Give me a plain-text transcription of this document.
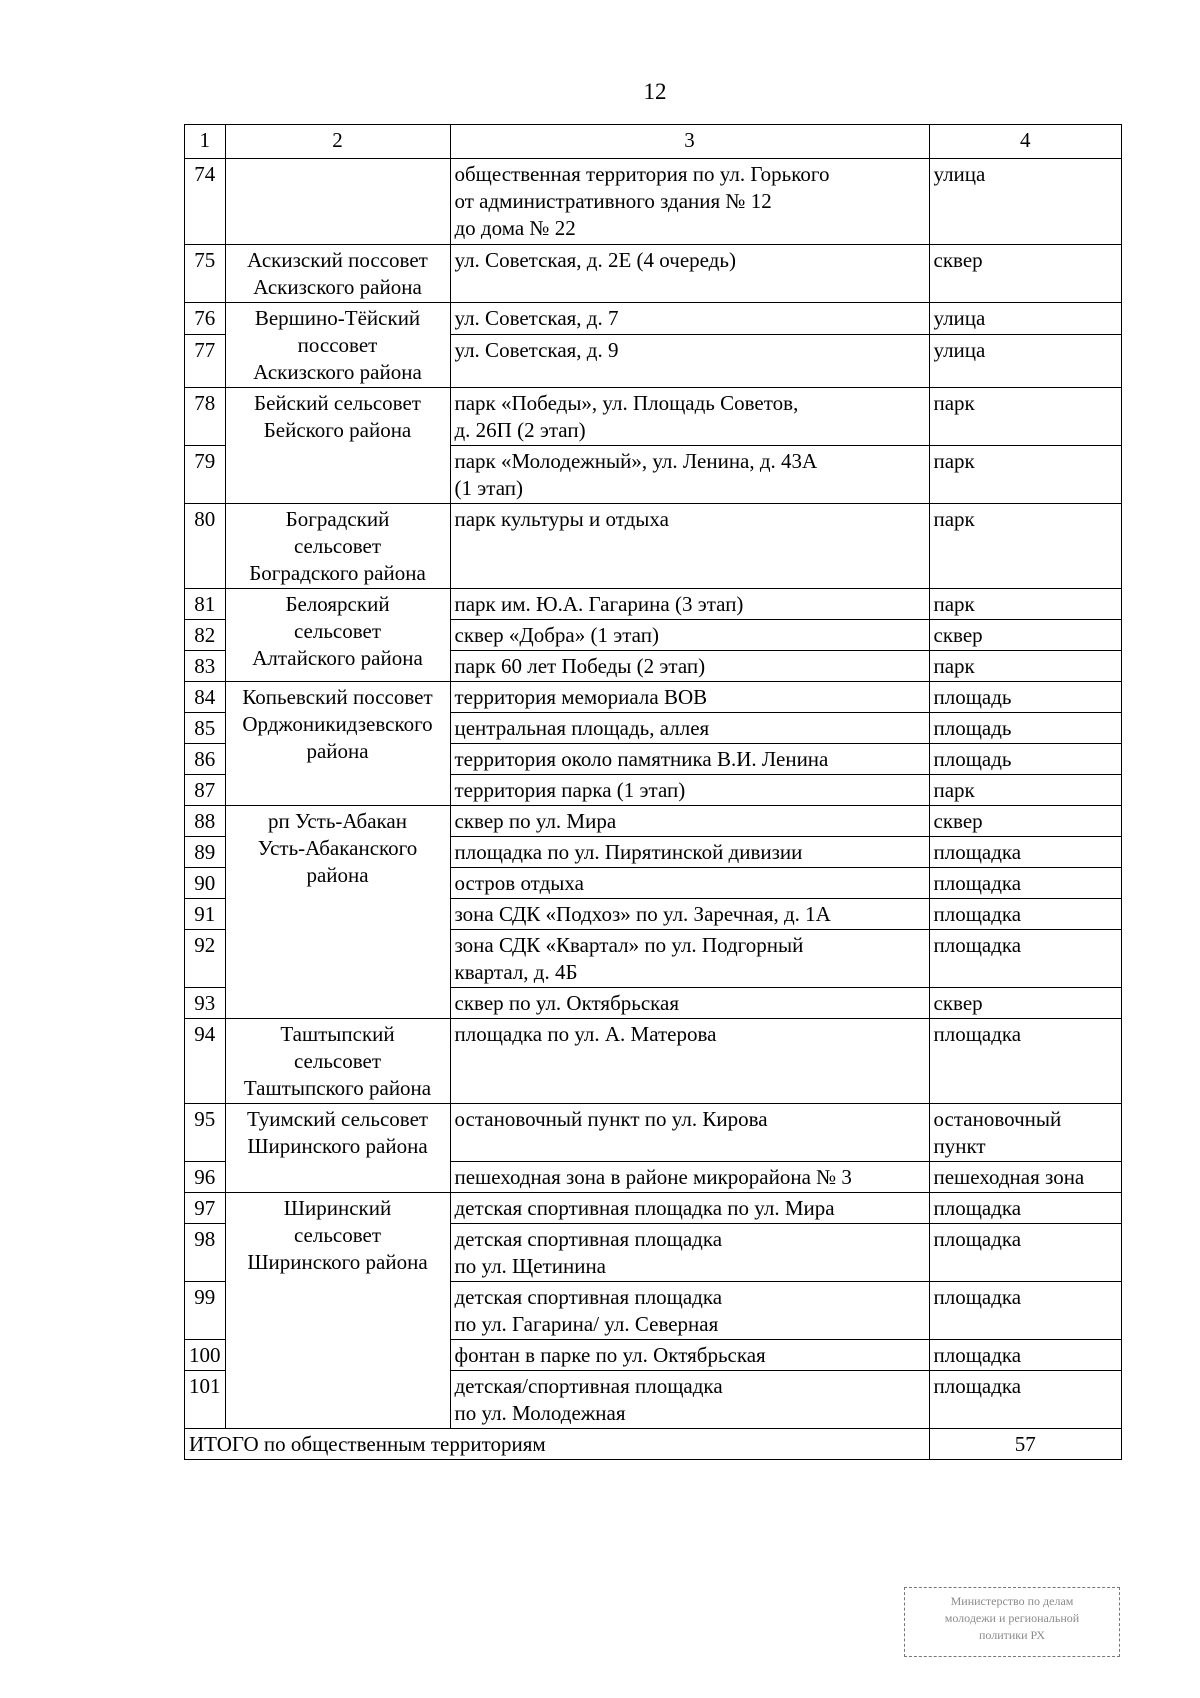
12
1	2	3	4
74		общественная территория по ул. Горького
от административного здания № 12
до дома № 22	улица
75	Аскизский поссовет
Аскизского района	ул. Советская, д. 2Е (4 очередь)	сквер
76	Вершино-Тёйский
поссовет
Аскизского района	ул. Советская, д. 7	улица
77		ул. Советская, д. 9	улица
78	Бейский сельсовет
Бейского района	парк «Победы», ул. Площадь Советов,
д. 26П (2 этап)	парк
79		парк «Молодежный», ул. Ленина, д. 43А
(1 этап)	парк
80	Боградский
сельсовет
Боградского района	парк культуры и отдыха	парк
81	Белоярский
сельсовет
Алтайского района	парк им. Ю.А. Гагарина (3 этап)	парк
82		сквер «Добра» (1 этап)	сквер
83		парк 60 лет Победы (2 этап)	парк
84	Копьевский поссовет
Орджоникидзевского
района	территория мемориала ВОВ	площадь
85		центральная площадь, аллея	площадь
86		территория около памятника В.И. Ленина	площадь
87		территория парка (1 этап)	парк
88	рп Усть-Абакан
Усть-Абаканского
района	сквер по ул. Мира	сквер
89		площадка по ул. Пирятинской дивизии	площадка
90		остров отдыха	площадка
91		зона СДК «Подхоз» по ул. Заречная, д. 1А	площадка
92		зона СДК «Квартал» по ул. Подгорный
квартал, д. 4Б	площадка
93		сквер по ул. Октябрьская	сквер
94	Таштыпский
сельсовет
Таштыпского района	площадка по ул. А. Матерова	площадка
95	Туимский сельсовет
Ширинского района	остановочный пункт по ул. Кирова	остановочный
пункт
96		пешеходная зона в районе микрорайона № 3	пешеходная зона
97	Ширинский
сельсовет
Ширинского района	детская спортивная площадка по ул. Мира	площадка
98		детская спортивная площадка
по ул. Щетинина	площадка
99		детская спортивная площадка
по ул. Гагарина/ ул. Северная	площадка
100		фонтан в парке по ул. Октябрьская	площадка
101		детская/спортивная площадка
по ул. Молодежная	площадка
ИТОГО по общественным территориям			57
Министерство по делам
молодежи и региональной
политики РХ
